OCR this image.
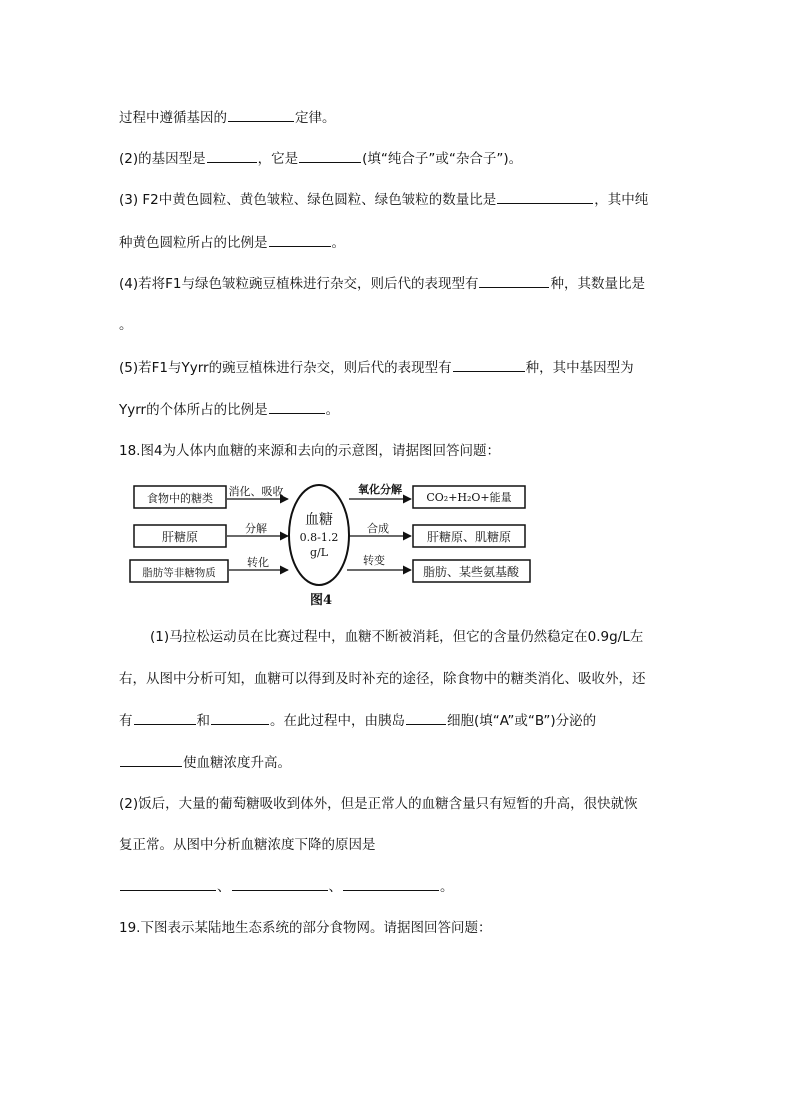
过程中遵循基因的	定律。
(2)的基因型是	，它是	(填“纯合子”或“杂合子”)。
(3) F2中黄色圆粒、黄色皱粒、绿色圆粒、绿色皱粒的数量比是	，其中纯
种黄色圆粒所占的比例是	。
(4)若将F1与绿色皱粒豌豆植株进行杂交，则后代的表现型有	种，其数量比是
。
(5)若F1与Yyrr的豌豆植株进行杂交，则后代的表现型有	种，其中基因型为
Yyrr的个体所占的比例是	。
18.图4为人体内血糖的来源和去向的示意图，请据图回答问题：
食物中的糖类
肝糖原
脂肪等非糖物质
消化、吸收
分解
转化
血糖
0.8-1.2
g/L
氧化分解
合成
转变
CO₂+H₂O+能量
肝糖原、肌糖原
脂肪、某些氨基酸
图4
(1)马拉松运动员在比赛过程中，血糖不断被消耗，但它的含量仍然稳定在0.9g/L左
右，从图中分析可知，血糖可以得到及时补充的途径，除食物中的糖类消化、吸收外，还
有	和	。在此过程中，由胰岛	细胞(填“A”或“B”)分泌的
使血糖浓度升高。
(2)饭后，大量的葡萄糖吸收到体外，但是正常人的血糖含量只有短暂的升高，很快就恢
复正常。从图中分析血糖浓度下降的原因是
、	、	。
19.下图表示某陆地生态系统的部分食物网。请据图回答问题：
